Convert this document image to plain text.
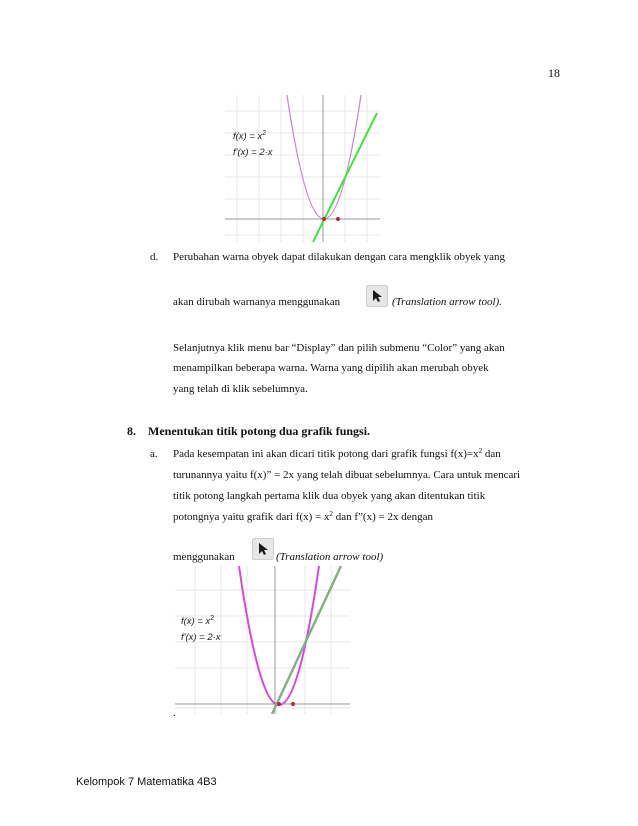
18
$f(x) = x^2$
f'(x) = 2·x
d. Perubahan warna obyek dapat dilakukan dengan cara mengklik obyek yang
akan dirubah warnanya menggunakan	(Translation arrow tool).
Selanjutnya klik menu bar “Display” dan pilih submenu “Color” yang akan
menampilkan beberapa warna. Warna yang dipilih akan merubah obyek
yang telah di klik sebelumnya.
8. Menentukan titik potong dua grafik fungsi.
a. Pada kesempatan ini akan dicari titik potong dari grafik fungsi $f(x)=x^2$ dan
turunannya yaitu f(x)” = 2x yang telah dibuat sebelumnya. Cara untuk mencari
titik potong langkah pertama klik dua obyek yang akan ditentukan titik
potongnya yaitu grafik dari $f(x) = x^2$ dan f”(x) = 2x dengan
menggunakan	(Translation arrow tool)
$f(x) = x^2$
f'(x) = 2·x
.
Kelompok 7 Matematika 4B3
